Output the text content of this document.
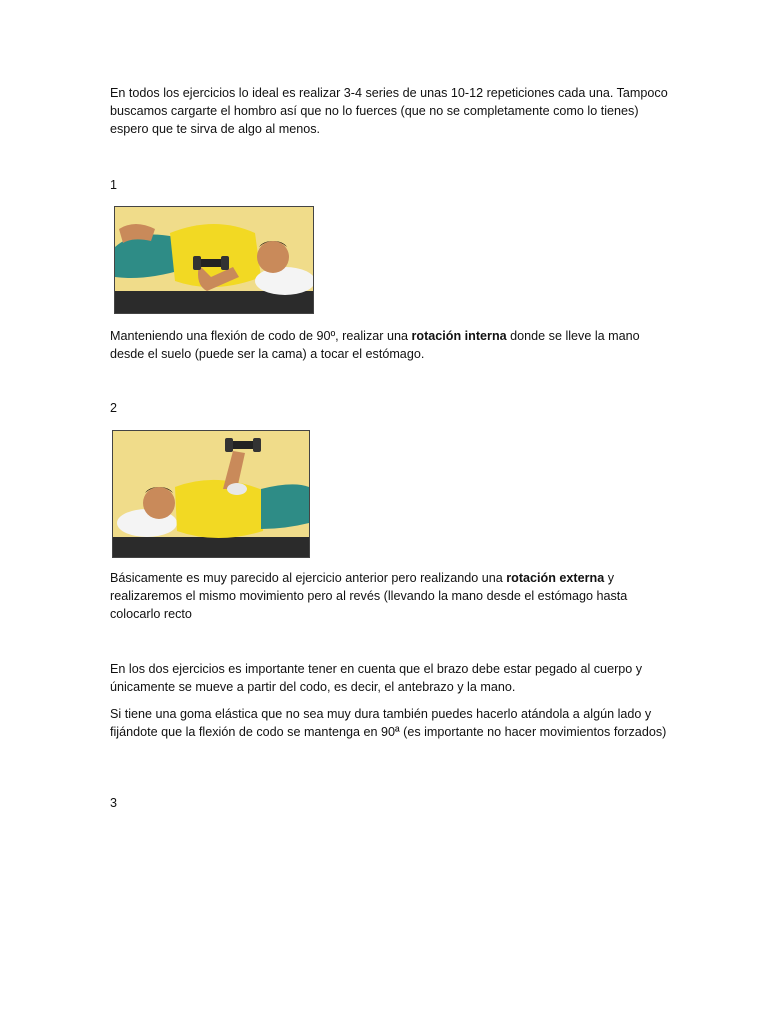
En todos los ejercicios lo ideal es realizar 3-4 series de unas 10-12 repeticiones cada una. Tampoco buscamos cargarte el hombro así que no lo fuerces (que no se completamente como lo tienes) espero que te sirva de algo al menos.

1

Manteniendo una flexión de codo de 90º, realizar una rotación interna donde se lleve la mano desde el suelo (puede ser la cama) a tocar el estómago.

2

Básicamente es muy parecido al ejercicio anterior pero realizando una rotación externa y realizaremos el mismo movimiento pero al revés (llevando la mano desde el estómago hasta colocarlo recto

En los dos ejercicios es importante tener en cuenta que el brazo debe estar pegado al cuerpo y únicamente se mueve a partir del codo, es decir, el antebrazo y la mano.

Si tiene una goma elástica que no sea muy dura también puedes hacerlo atándola a algún lado y fijándote que la flexión de codo se mantenga en 90ª (es importante no hacer movimientos forzados)

3
